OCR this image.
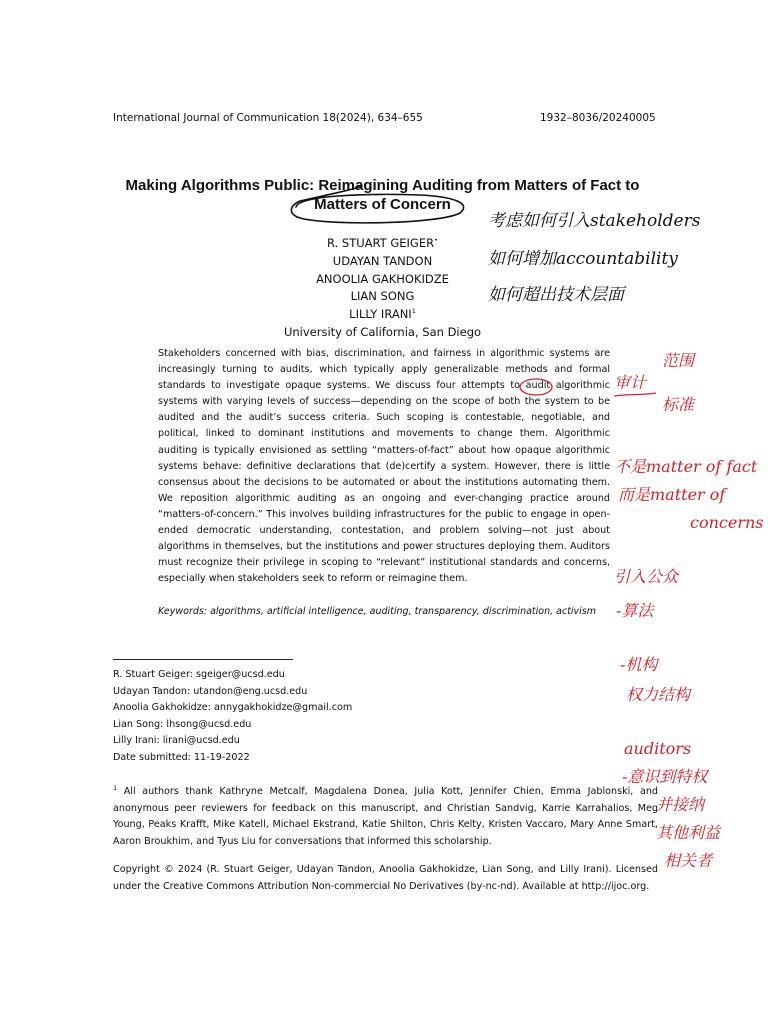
International Journal of Communication 18(2024), 634–655	1932–8036/20240005
Making Algorithms Public: Reimagining Auditing from Matters of Fact to
Matters of Concern
R. STUART GEIGER•
UDAYAN TANDON
ANOOLIA GAKHOKIDZE
LIAN SONG
LILLY IRANI$^1$
University of California, San Diego

Stakeholders concerned with bias, discrimination, and fairness in algorithmic systems are increasingly turning to audits, which typically apply generalizable methods and formal standards to investigate opaque systems. We discuss four attempts to audit algorithmic systems with varying levels of success—depending on the scope of both the system to be audited and the audit’s success criteria. Such scoping is contestable, negotiable, and political, linked to dominant institutions and movements to change them. Algorithmic auditing is typically envisioned as settling “matters-of-fact” about how opaque algorithmic systems behave: definitive declarations that (de)certify a system. However, there is little consensus about the decisions to be automated or about the institutions automating them. We reposition algorithmic auditing as an ongoing and ever-changing practice around “matters-of-concern.” This involves building infrastructures for the public to engage in open-ended democratic understanding, contestation, and problem solving—not just about algorithms in themselves, but the institutions and power structures deploying them. Auditors must recognize their privilege in scoping to “relevant” institutional standards and concerns, especially when stakeholders seek to reform or reimagine them.

Keywords: algorithms, artificial intelligence, auditing, transparency, discrimination, activism
R. Stuart Geiger: sgeiger@ucsd.edu
Udayan Tandon: utandon@eng.ucsd.edu
Anoolia Gakhokidze: annygakhokidze@gmail.com
Lian Song: lhsong@ucsd.edu
Lilly Irani: lirani@ucsd.edu
Date submitted: 11-19-2022

$^1$ All authors thank Kathryne Metcalf, Magdalena Donea, Julia Kott, Jennifer Chien, Emma Jablonski, and anonymous peer reviewers for feedback on this manuscript, and Christian Sandvig, Karrie Karrahalios, Meg Young, Peaks Krafft, Mike Katell, Michael Ekstrand, Katie Shilton, Chris Kelty, Kristen Vaccaro, Mary Anne Smart, Aaron Broukhim, and Tyus Liu for conversations that informed this scholarship.

Copyright © 2024 (R. Stuart Geiger, Udayan Tandon, Anoolia Gakhokidze, Lian Song, and Lilly Irani). Licensed under the Creative Commons Attribution Non-commercial No Derivatives (by-nc-nd). Available at http://ijoc.org.

考虑如何引入stakeholders
如何增加accountability
如何超出技术层面
范围
审计
标准
不是matter of fact
而是matter of
concerns
引入公众
-算法
-机构
权力结构
auditors
-意识到特权
并接纳
其他利益
相关者
